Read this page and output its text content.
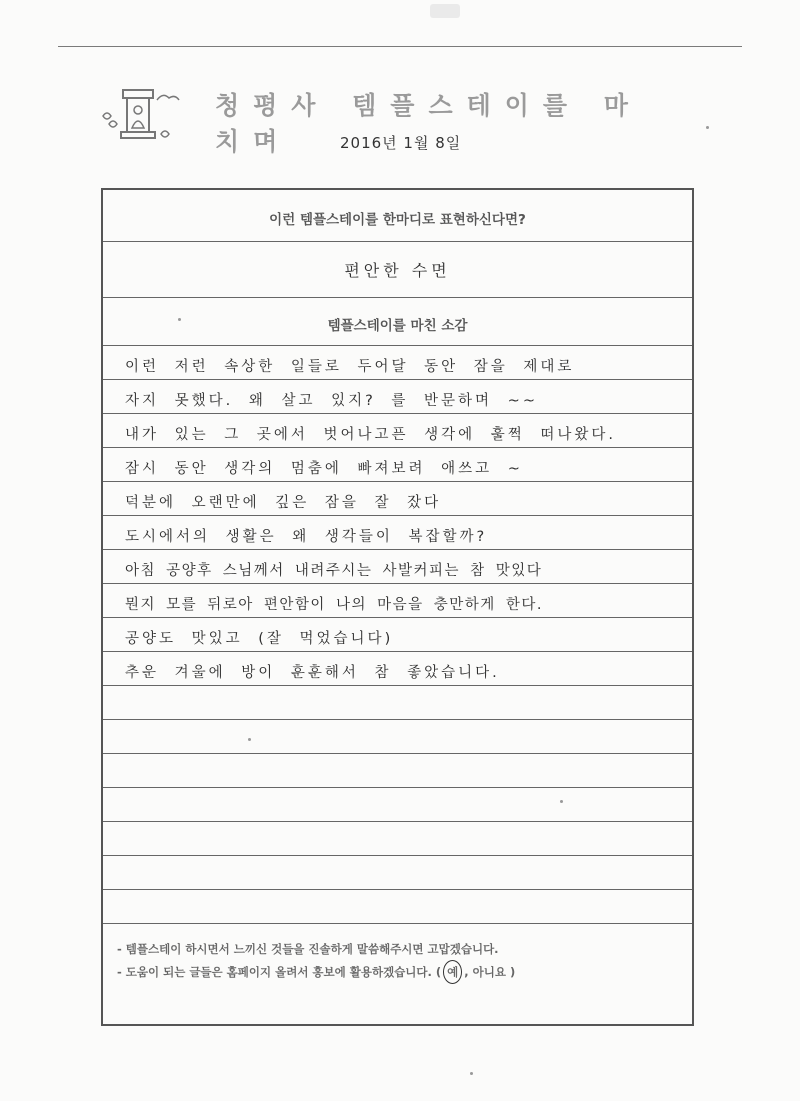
청평사 템플스테이를 마치며	2016년 1월 8일
이런 템플스테이를 한마디로 표현하신다면?
편안한 수면
템플스테이를 마친 소감
이런 저런 속상한 일들로 두어달 동안 잠을 제대로
자지 못했다. 왜 살고 있지? 를 반문하며 ~~
내가 있는 그 곳에서 벗어나고픈 생각에 훌쩍 떠나왔다.
잠시 동안 생각의 멈춤에 빠져보려 애쓰고 ~
덕분에 오랜만에 깊은 잠을 잘 잤다
도시에서의 생활은 왜 생각들이 복잡할까?
아침 공양후 스님께서 내려주시는 사발커피는 참 맛있다
뭔지 모를 뒤로아 편안함이 나의 마음을 충만하게 한다.
공양도 맛있고 (잘 먹었습니다)
추운 겨울에 방이 훈훈해서 참 좋았습니다.
- 템플스테이 하시면서 느끼신 것들을 진솔하게 말씀해주시면 고맙겠습니다.
- 도움이 되는 글들은 홈페이지 올려서 홍보에 활용하겠습니다. ( 예 , 아니요 )
